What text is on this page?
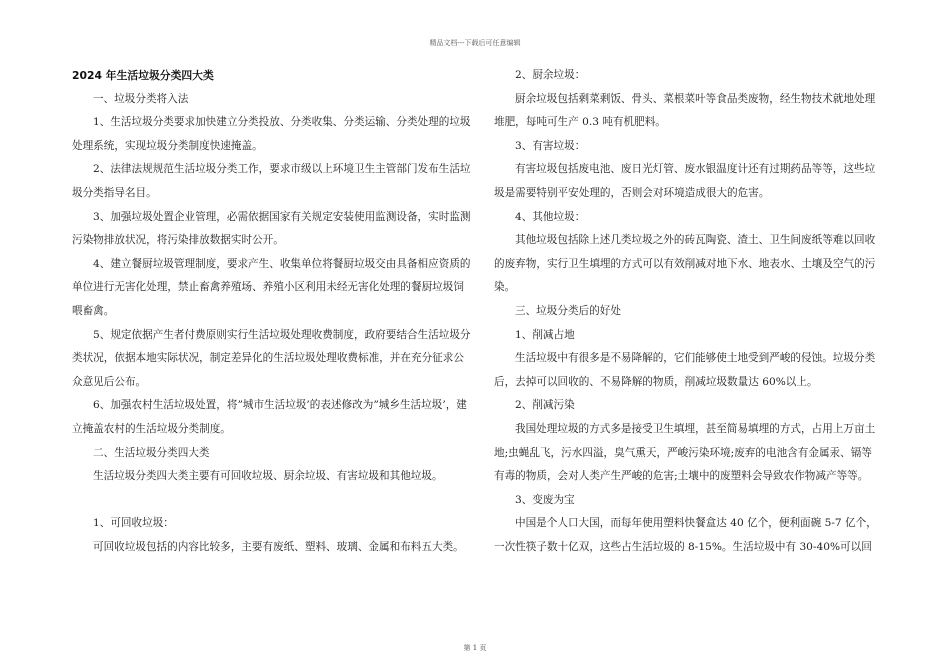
精品文档---下载后可任意编辑

2024 年生活垃圾分类四大类

一、垃圾分类将入法

1、生活垃圾分类要求加快建立分类投放、分类收集、分类运输、分类处理的垃圾处理系统，实现垃圾分类制度快速掩盖。

2、法律法规规范生活垃圾分类工作，要求市级以上环境卫生主管部门发布生活垃圾分类指导名目。

3、加强垃圾处置企业管理，必需依据国家有关规定安装使用监测设备，实时监测污染物排放状况，将污染排放数据实时公开。

4、建立餐厨垃圾管理制度，要求产生、收集单位将餐厨垃圾交由具备相应资质的单位进行无害化处理，禁止畜禽养殖场、养殖小区利用未经无害化处理的餐厨垃圾饲喂畜禽。

5、规定依据产生者付费原则实行生活垃圾处理收费制度，政府要结合生活垃圾分类状况，依据本地实际状况，制定差异化的生活垃圾处理收费标准，并在充分征求公众意见后公布。

6、加强农村生活垃圾处置，将”城市生活垃圾’的表述修改为”城乡生活垃圾’，建立掩盖农村的生活垃圾分类制度。

二、生活垃圾分类四大类

生活垃圾分类四大类主要有可回收垃圾、厨余垃圾、有害垃圾和其他垃圾。

1、可回收垃圾：

可回收垃圾包括的内容比较多，主要有废纸、塑料、玻璃、金属和布料五大类。

2、厨余垃圾：

厨余垃圾包括剩菜剩饭、骨头、菜根菜叶等食品类废物，经生物技术就地处理堆肥，每吨可生产 0.3 吨有机肥料。

3、有害垃圾：

有害垃圾包括废电池、废日光灯管、废水银温度计还有过期药品等等，这些垃圾是需要特别平安处理的，否则会对环境造成很大的危害。

4、其他垃圾：

其他垃圾包括除上述几类垃圾之外的砖瓦陶瓷、渣土、卫生间废纸等难以回收的废弃物，实行卫生填埋的方式可以有效削减对地下水、地表水、土壤及空气的污染。

三、垃圾分类后的好处

1、削减占地

生活垃圾中有很多是不易降解的，它们能够使土地受到严峻的侵蚀。垃圾分类后，去掉可以回收的、不易降解的物质，削减垃圾数量达 60%以上。

2、削减污染

我国处理垃圾的方式多是接受卫生填埋，甚至简易填埋的方式，占用上万亩土地;虫蝇乱飞，污水四溢，臭气熏天，严峻污染环境;废弃的电池含有金属汞、镉等有毒的物质，会对人类产生严峻的危害;土壤中的废塑料会导致农作物减产等等。

3、变废为宝

中国是个人口大国，而每年使用塑料快餐盒达 40 亿个，便利面碗 5-7 亿个，一次性筷子数十亿双，这些占生活垃圾的 8-15%。生活垃圾中有 30-40%可以回

第 1 页
